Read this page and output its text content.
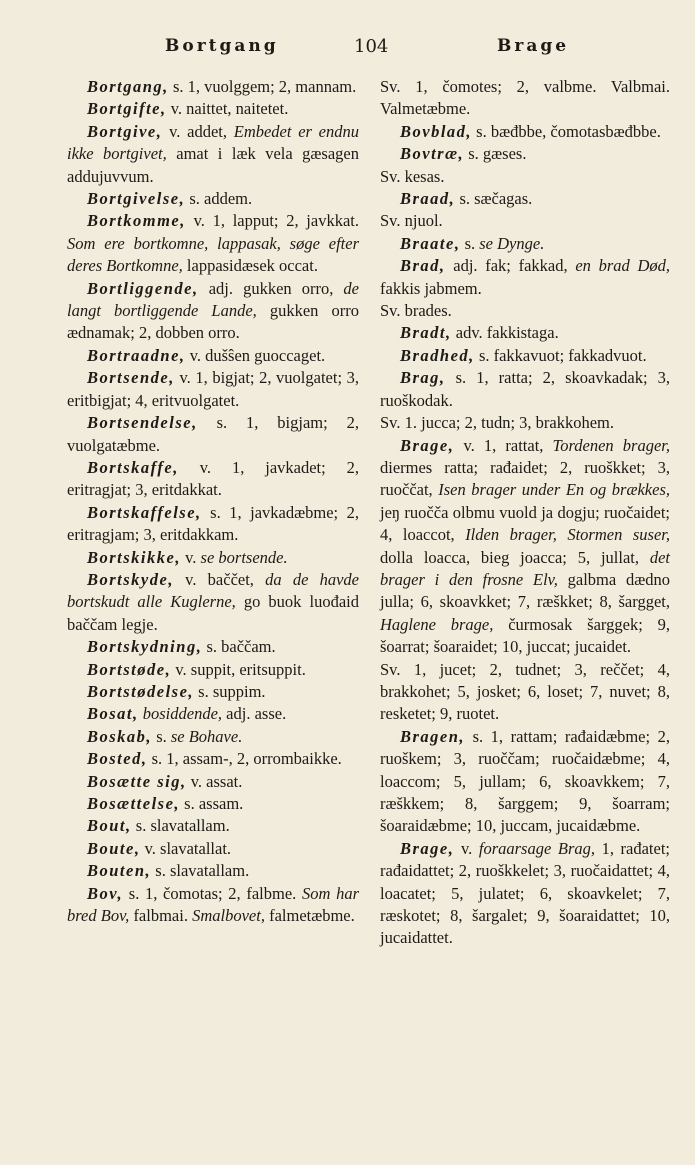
Bortgang	104	Brage

Bortgang, s. 1, vuolggem; 2, mannam.

Bortgifte, v. naittet, naitetet.

Bortgive, v. addet, Embedet er endnu ikke bortgivet, amat i læk vela gæsagen addujuvvum.

Bortgivelse, s. addem.

Bortkomme, v. 1, lapput; 2, javkkat. Som ere bortkomne, lappasak, søge efter deres Bortkomne, lappasidæsek occat.

Bortliggende, adj. gukken orro, de langt bortliggende Lande, gukken orro ædnamak; 2, dobben orro.

Bortraadne, v. dušŝen guoccaget.

Bortsende, v. 1, bigjat; 2, vuolgatet; 3, eritbigjat; 4, eritvuolgatet.

Bortsendelse, s. 1, bigjam; 2, vuolgatæbme.

Bortskaffe, v. 1, javkadet; 2, eritragjat; 3, eritdakkat.

Bortskaffelse, s. 1, javkadæbme; 2, eritragjam; 3, eritdakkam.

Bortskikke, v. se bortsende.

Bortskyde, v. baččet, da de havde bortskudt alle Kuglerne, go buok luođaid baččam legje.

Bortskydning, s. baččam.

Bortstøde, v. suppit, eritsuppit.

Bortstødelse, s. suppim.

Bosat, bosiddende, adj. asse.

Boskab, s. se Bohave.

Bosted, s. 1, assam-, 2, orrombaikke.

Bosætte sig, v. assat.

Bosættelse, s. assam.

Bout, s. slavatallam.

Boute, v. slavatallat.

Bouten, s. slavatallam.

Bov, s. 1, čomotas; 2, falbme. Som har bred Bov, falbmai. Smalbovet, falmetæbme.

Sv. 1, čomotes; 2, valbme. Valbmai. Valmetæbme.

Bovblad, s. bæđbbe, čomotasbæđbbe.

Bovtræ, s. gæses.

Sv. kesas.

Braad, s. sæčagas.

Sv. njuol.

Braate, s. se Dynge.

Brad, adj. fak; fakkad, en brad Død, fakkis jabmem.

Sv. brades.

Bradt, adv. fakkistaga.

Bradhed, s. fakkavuot; fakkadvuot.

Brag, s. 1, ratta; 2, skoavkadak; 3, ruoškodak.

Sv. 1. jucca; 2, tudn; 3, brakkohem.

Brage, v. 1, rattat, Tordenen brager, diermes ratta; rađaidet; 2, ruoškket; 3, ruoččat, Isen brager under En og brækkes, jeŋ ruočča olbmu vuold ja dogju; ruočaidet; 4, loaccot, Ilden brager, Stormen suser, dolla loacca, bieg joacca; 5, jullat, det brager i den frosne Elv, galbma dædno julla; 6, skoavkket; 7, ræškket; 8, šargget, Haglene brage, čurmosak šarggek; 9, šoarrat; šoaraidet; 10, juccat; jucaidet.

Sv. 1, jucet; 2, tudnet; 3, reččet; 4, brakkohet; 5, josket; 6, loset; 7, nuvet; 8, resketet; 9, ruotet.

Bragen, s. 1, rattam; rađaidæbme; 2, ruoškem; 3, ruoččam; ruočaidæbme; 4, loaccom; 5, jullam; 6, skoavkkem; 7, ræškkem; 8, šarggem; 9, šoarram; šoaraidæbme; 10, juccam, jucaidæbme.

Brage, v. foraarsage Brag, 1, rađatet; rađaidattet; 2, ruoškkelet; 3, ruočaidattet; 4, loacatet; 5, julatet; 6, skoavkelet; 7, ræskotet; 8, šargalet; 9, šoaraidattet; 10, jucaidattet.
